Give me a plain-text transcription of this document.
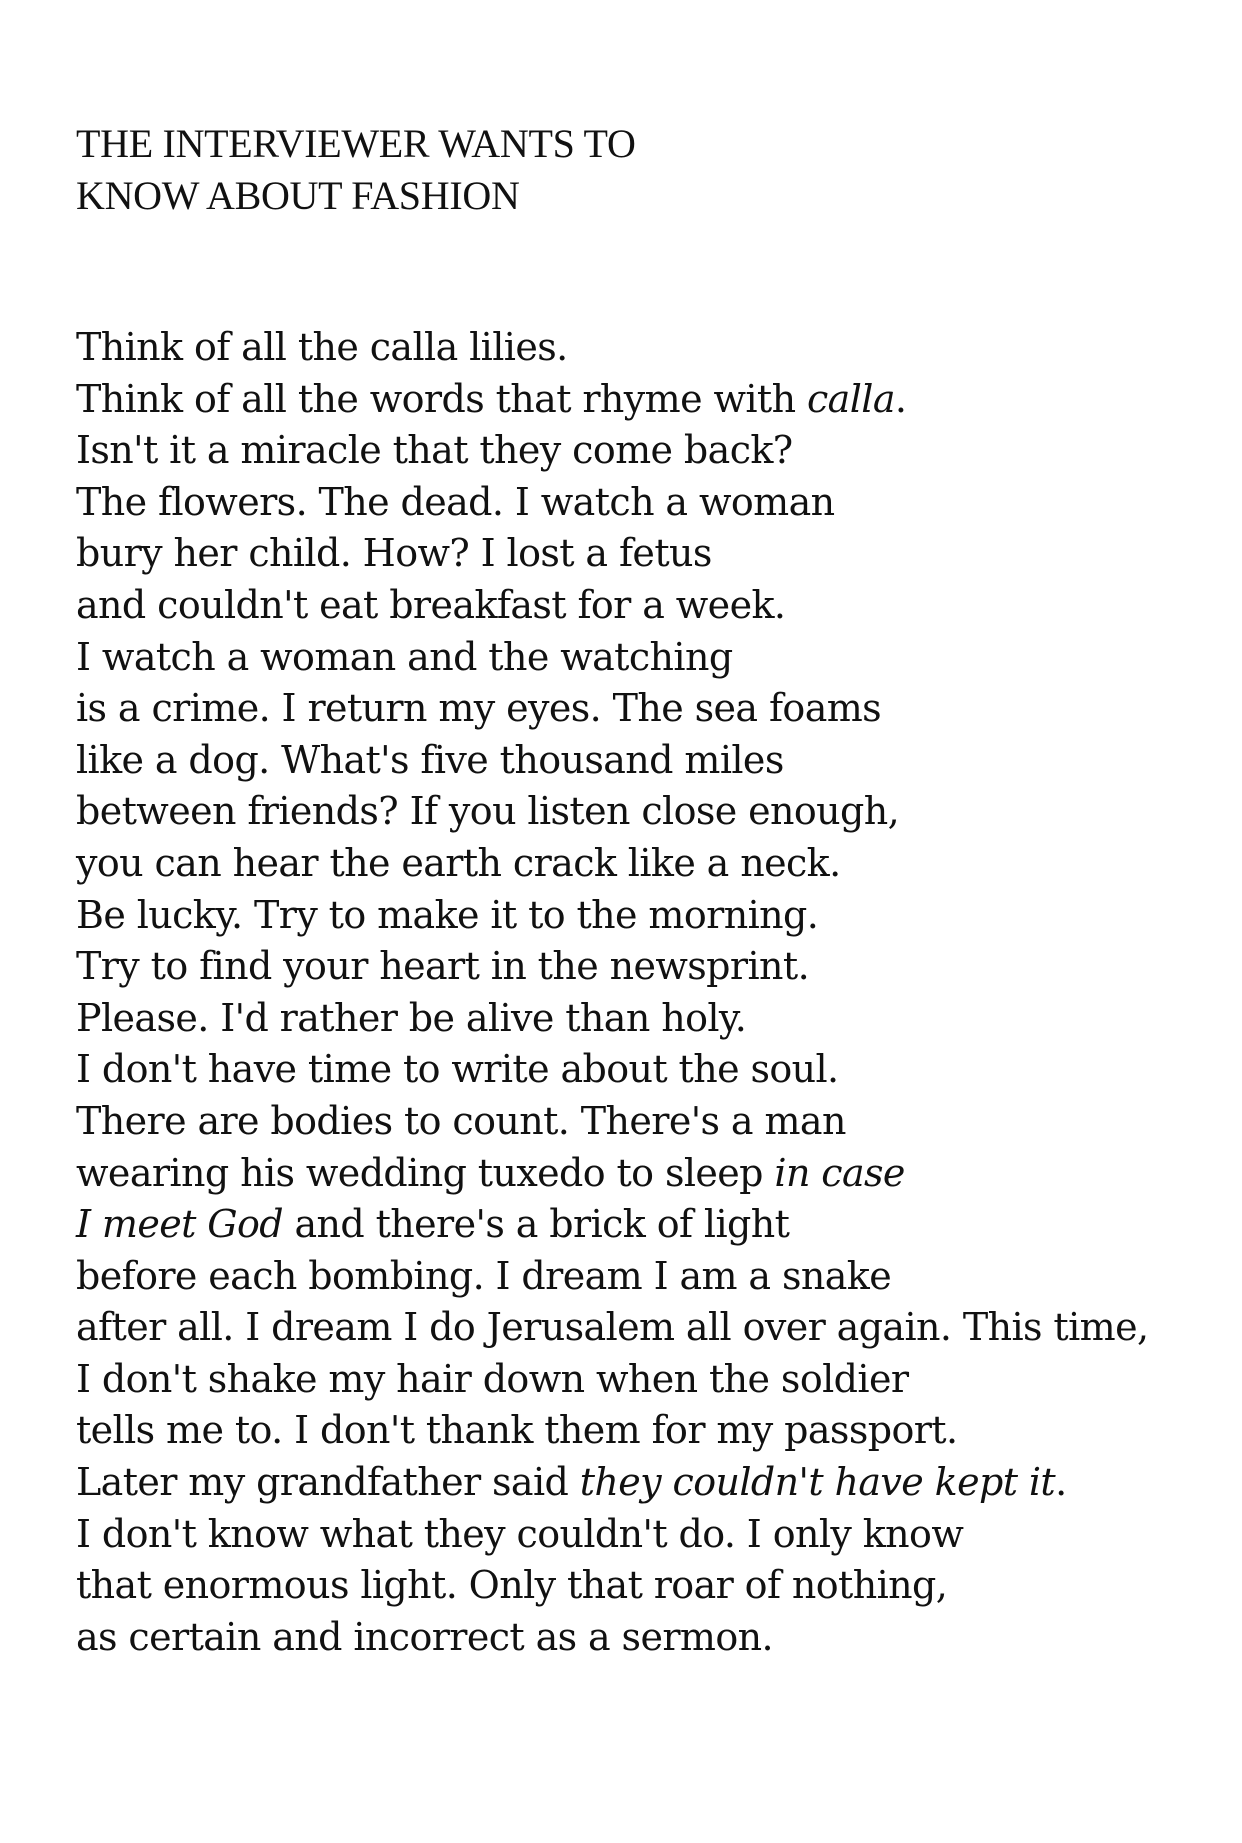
THE INTERVIEWER WANTS TO
KNOW ABOUT FASHION
Think of all the calla lilies.
Think of all the words that rhyme with calla.
Isn't it a miracle that they come back?
The flowers. The dead. I watch a woman
bury her child. How? I lost a fetus
and couldn't eat breakfast for a week.
I watch a woman and the watching
is a crime. I return my eyes. The sea foams
like a dog. What's five thousand miles
between friends? If you listen close enough,
you can hear the earth crack like a neck.
Be lucky. Try to make it to the morning.
Try to find your heart in the newsprint.
Please. I'd rather be alive than holy.
I don't have time to write about the soul.
There are bodies to count. There's a man
wearing his wedding tuxedo to sleep in case
I meet God and there's a brick of light
before each bombing. I dream I am a snake
after all. I dream I do Jerusalem all over again. This time,
I don't shake my hair down when the soldier
tells me to. I don't thank them for my passport.
Later my grandfather said they couldn't have kept it.
I don't know what they couldn't do. I only know
that enormous light. Only that roar of nothing,
as certain and incorrect as a sermon.
